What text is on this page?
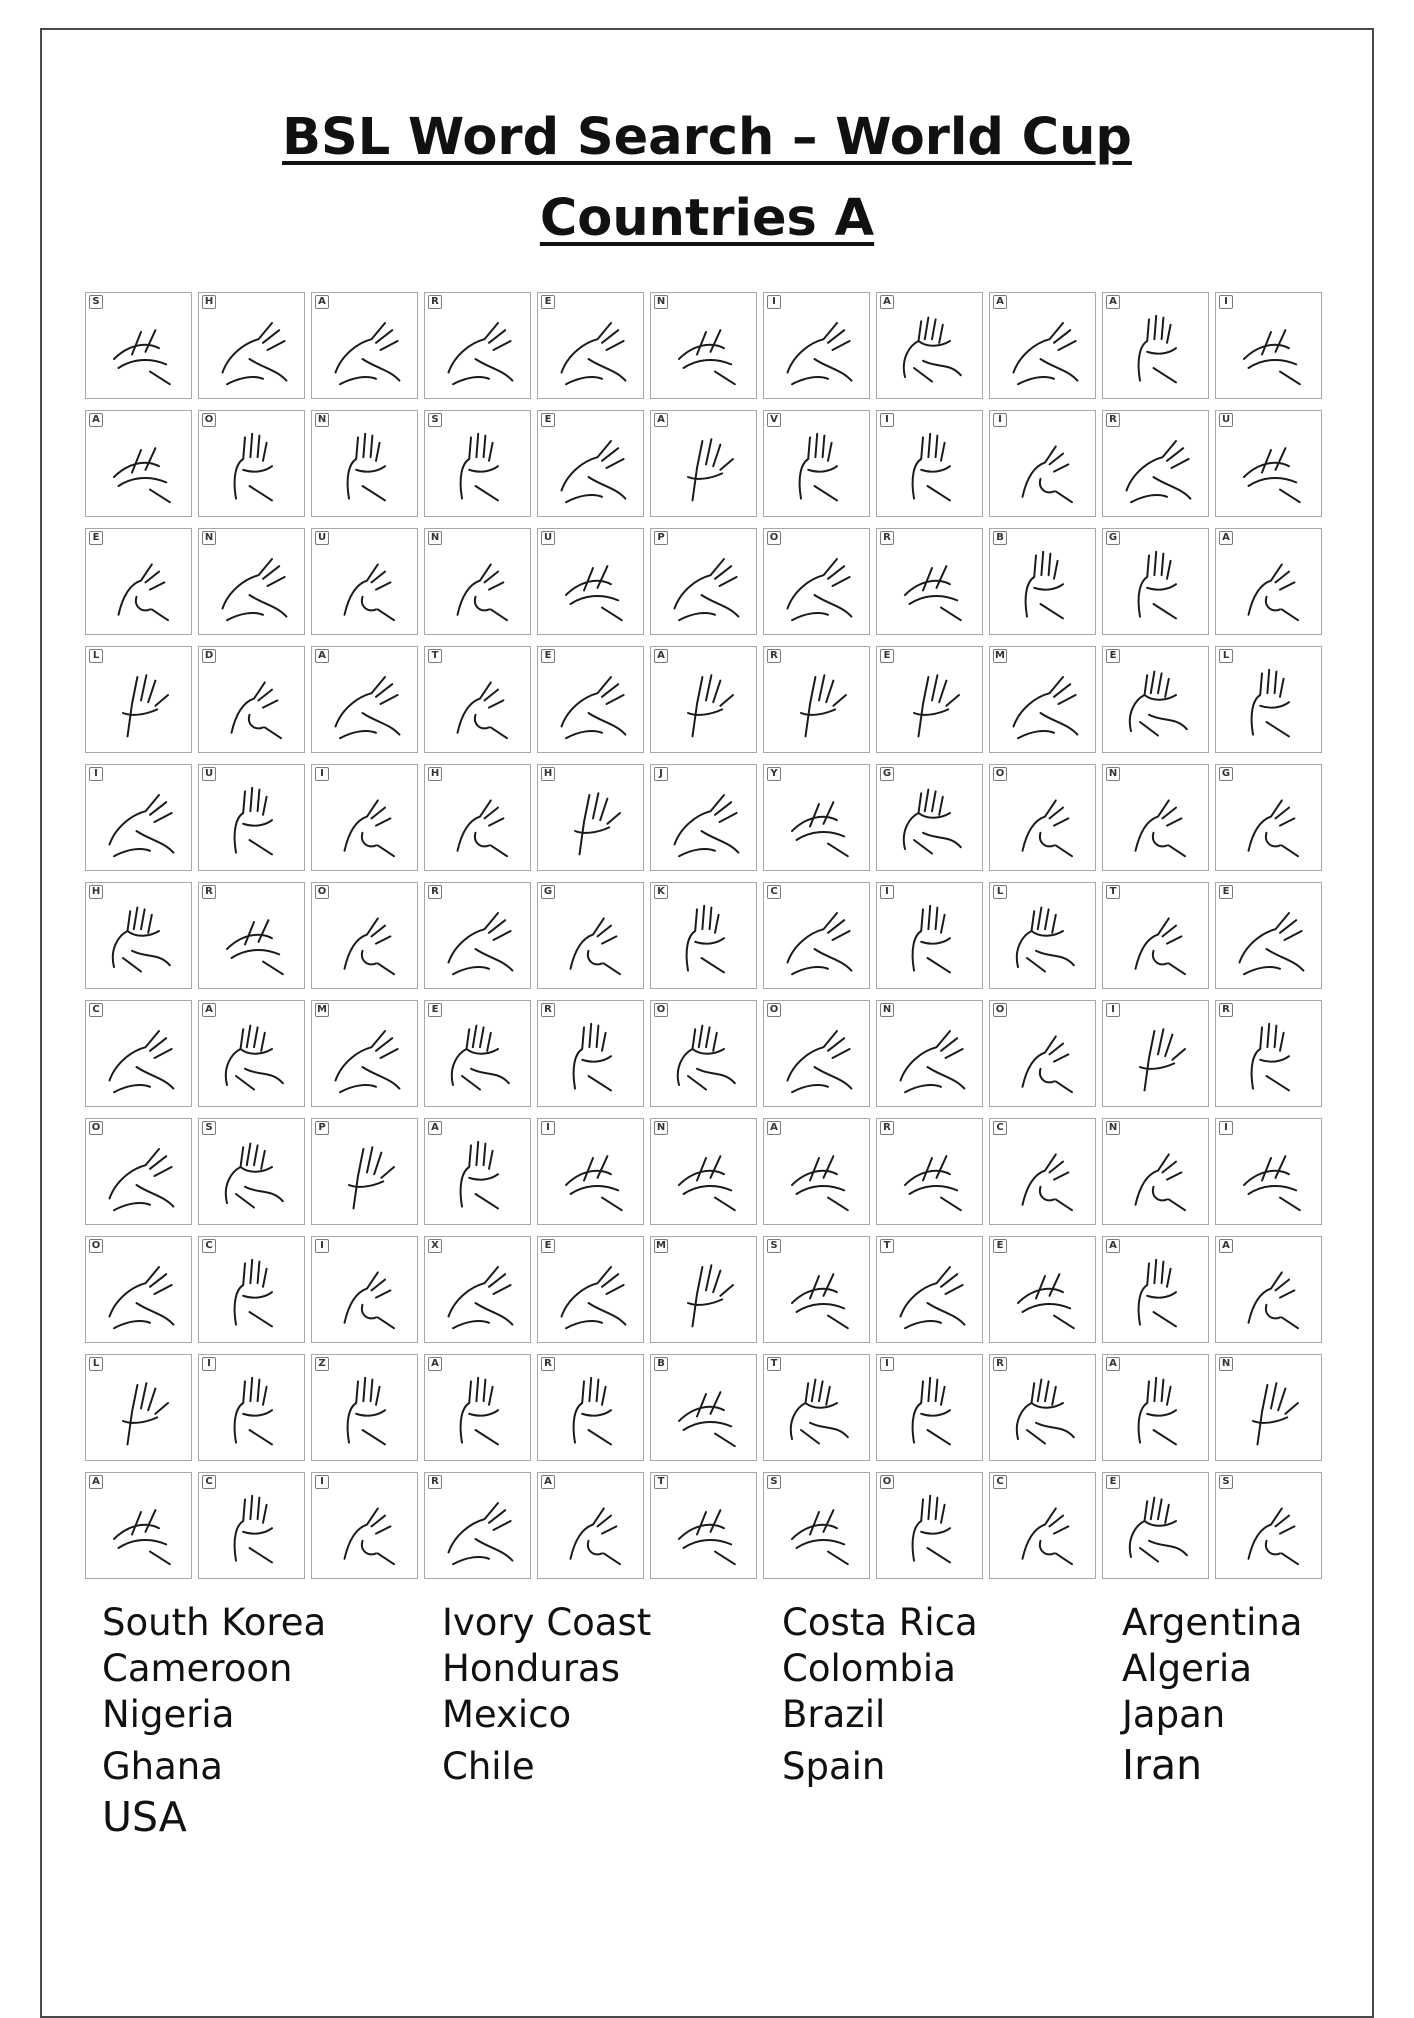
BSL Word Search – World Cup
Countries A
S	H	A	R	E	N	I	A	A	A	I
A	O	N	S	E	A	V	I	I	R	U
E	N	U	N	U	P	O	R	B	G	A
L	D	A	T	E	A	R	E	M	E	L
I	U	I	H	H	J	Y	G	O	N	G
H	R	O	R	G	K	C	I	L	T	E
C	A	M	E	R	O	O	N	O	I	R
O	S	P	A	I	N	A	R	C	N	I
O	C	I	X	E	M	S	T	E	A	A
L	I	Z	A	R	B	T	I	R	A	N
A	C	I	R	A	T	S	O	C	E	S
South Korea
Cameroon
Nigeria
Ghana
USA
Ivory Coast
Honduras
Mexico
Chile
Costa Rica
Colombia
Brazil
Spain
Argentina
Algeria
Japan
Iran
